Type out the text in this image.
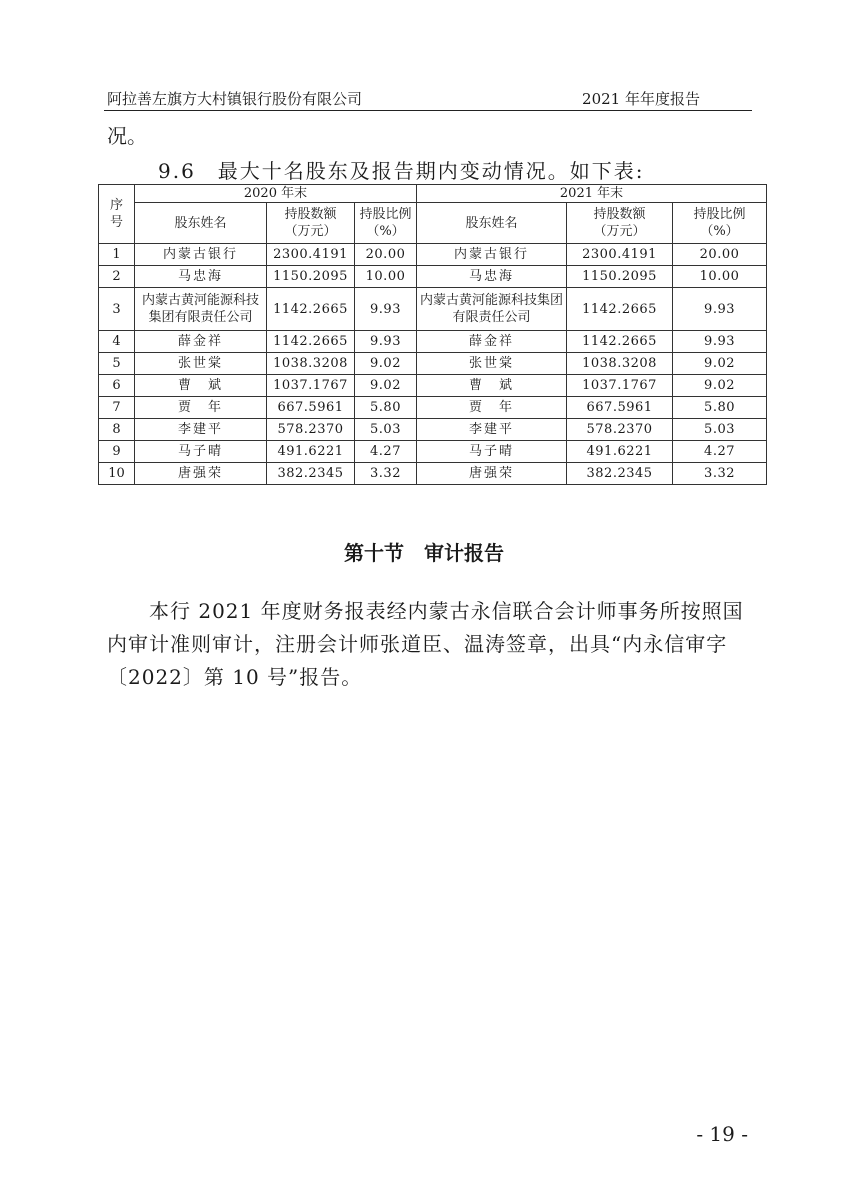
阿拉善左旗方大村镇银行股份有限公司	2021 年年度报告
况。
9.6　最大十名股东及报告期内变动情况。如下表:
序号	2020 年末			2021 年末		
	股东姓名	持股数额（万元）	持股比例（%）	股东姓名	持股数额（万元）	持股比例（%）
1	内蒙古银行	2300.4191	20.00	内蒙古银行	2300.4191	20.00
2	马忠海	1150.2095	10.00	马忠海	1150.2095	10.00
3	内蒙古黄河能源科技集团有限责任公司	1142.2665	9.93	内蒙古黄河能源科技集团有限责任公司	1142.2665	9.93
4	薛金祥	1142.2665	9.93	薛金祥	1142.2665	9.93
5	张世棠	1038.3208	9.02	张世棠	1038.3208	9.02
6	曹　斌	1037.1767	9.02	曹　斌	1037.1767	9.02
7	贾　年	667.5961	5.80	贾　年	667.5961	5.80
8	李建平	578.2370	5.03	李建平	578.2370	5.03
9	马子晴	491.6221	4.27	马子晴	491.6221	4.27
10	唐强荣	382.2345	3.32	唐强荣	382.2345	3.32
第十节　审计报告

本行 2021 年度财务报表经内蒙古永信联合会计师事务所按照国内审计准则审计，注册会计师张道臣、温涛签章，出具“内永信审字〔2022〕第 10 号”报告。

- 19 -
